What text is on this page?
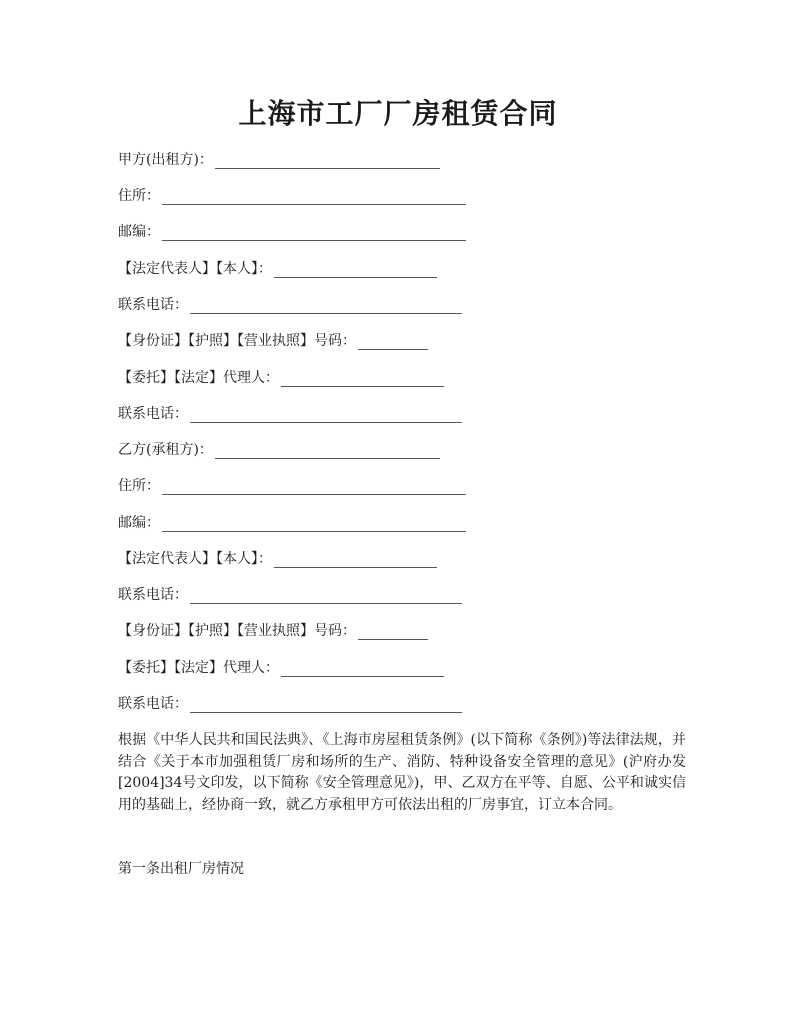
上海市工厂厂房租赁合同
甲方(出租方)：
住所：
邮编：
【法定代表人】【本人】：
联系电话：
【身份证】【护照】【营业执照】号码：
【委托】【法定】代理人：
联系电话：
乙方(承租方)：
住所：
邮编：
【法定代表人】【本人】：
联系电话：
【身份证】【护照】【营业执照】号码：
【委托】【法定】代理人：
联系电话：
根据《中华人民共和国民法典》、《上海市房屋租赁条例》(以下简称《条例》)等法律法规，并结合《关于本市加强租赁厂房和场所的生产、消防、特种设备安全管理的意见》(沪府办发[2004]34号文印发，以下简称《安全管理意见》)，甲、乙双方在平等、自愿、公平和诚实信用的基础上，经协商一致，就乙方承租甲方可依法出租的厂房事宜，订立本合同。
第一条出租厂房情况
